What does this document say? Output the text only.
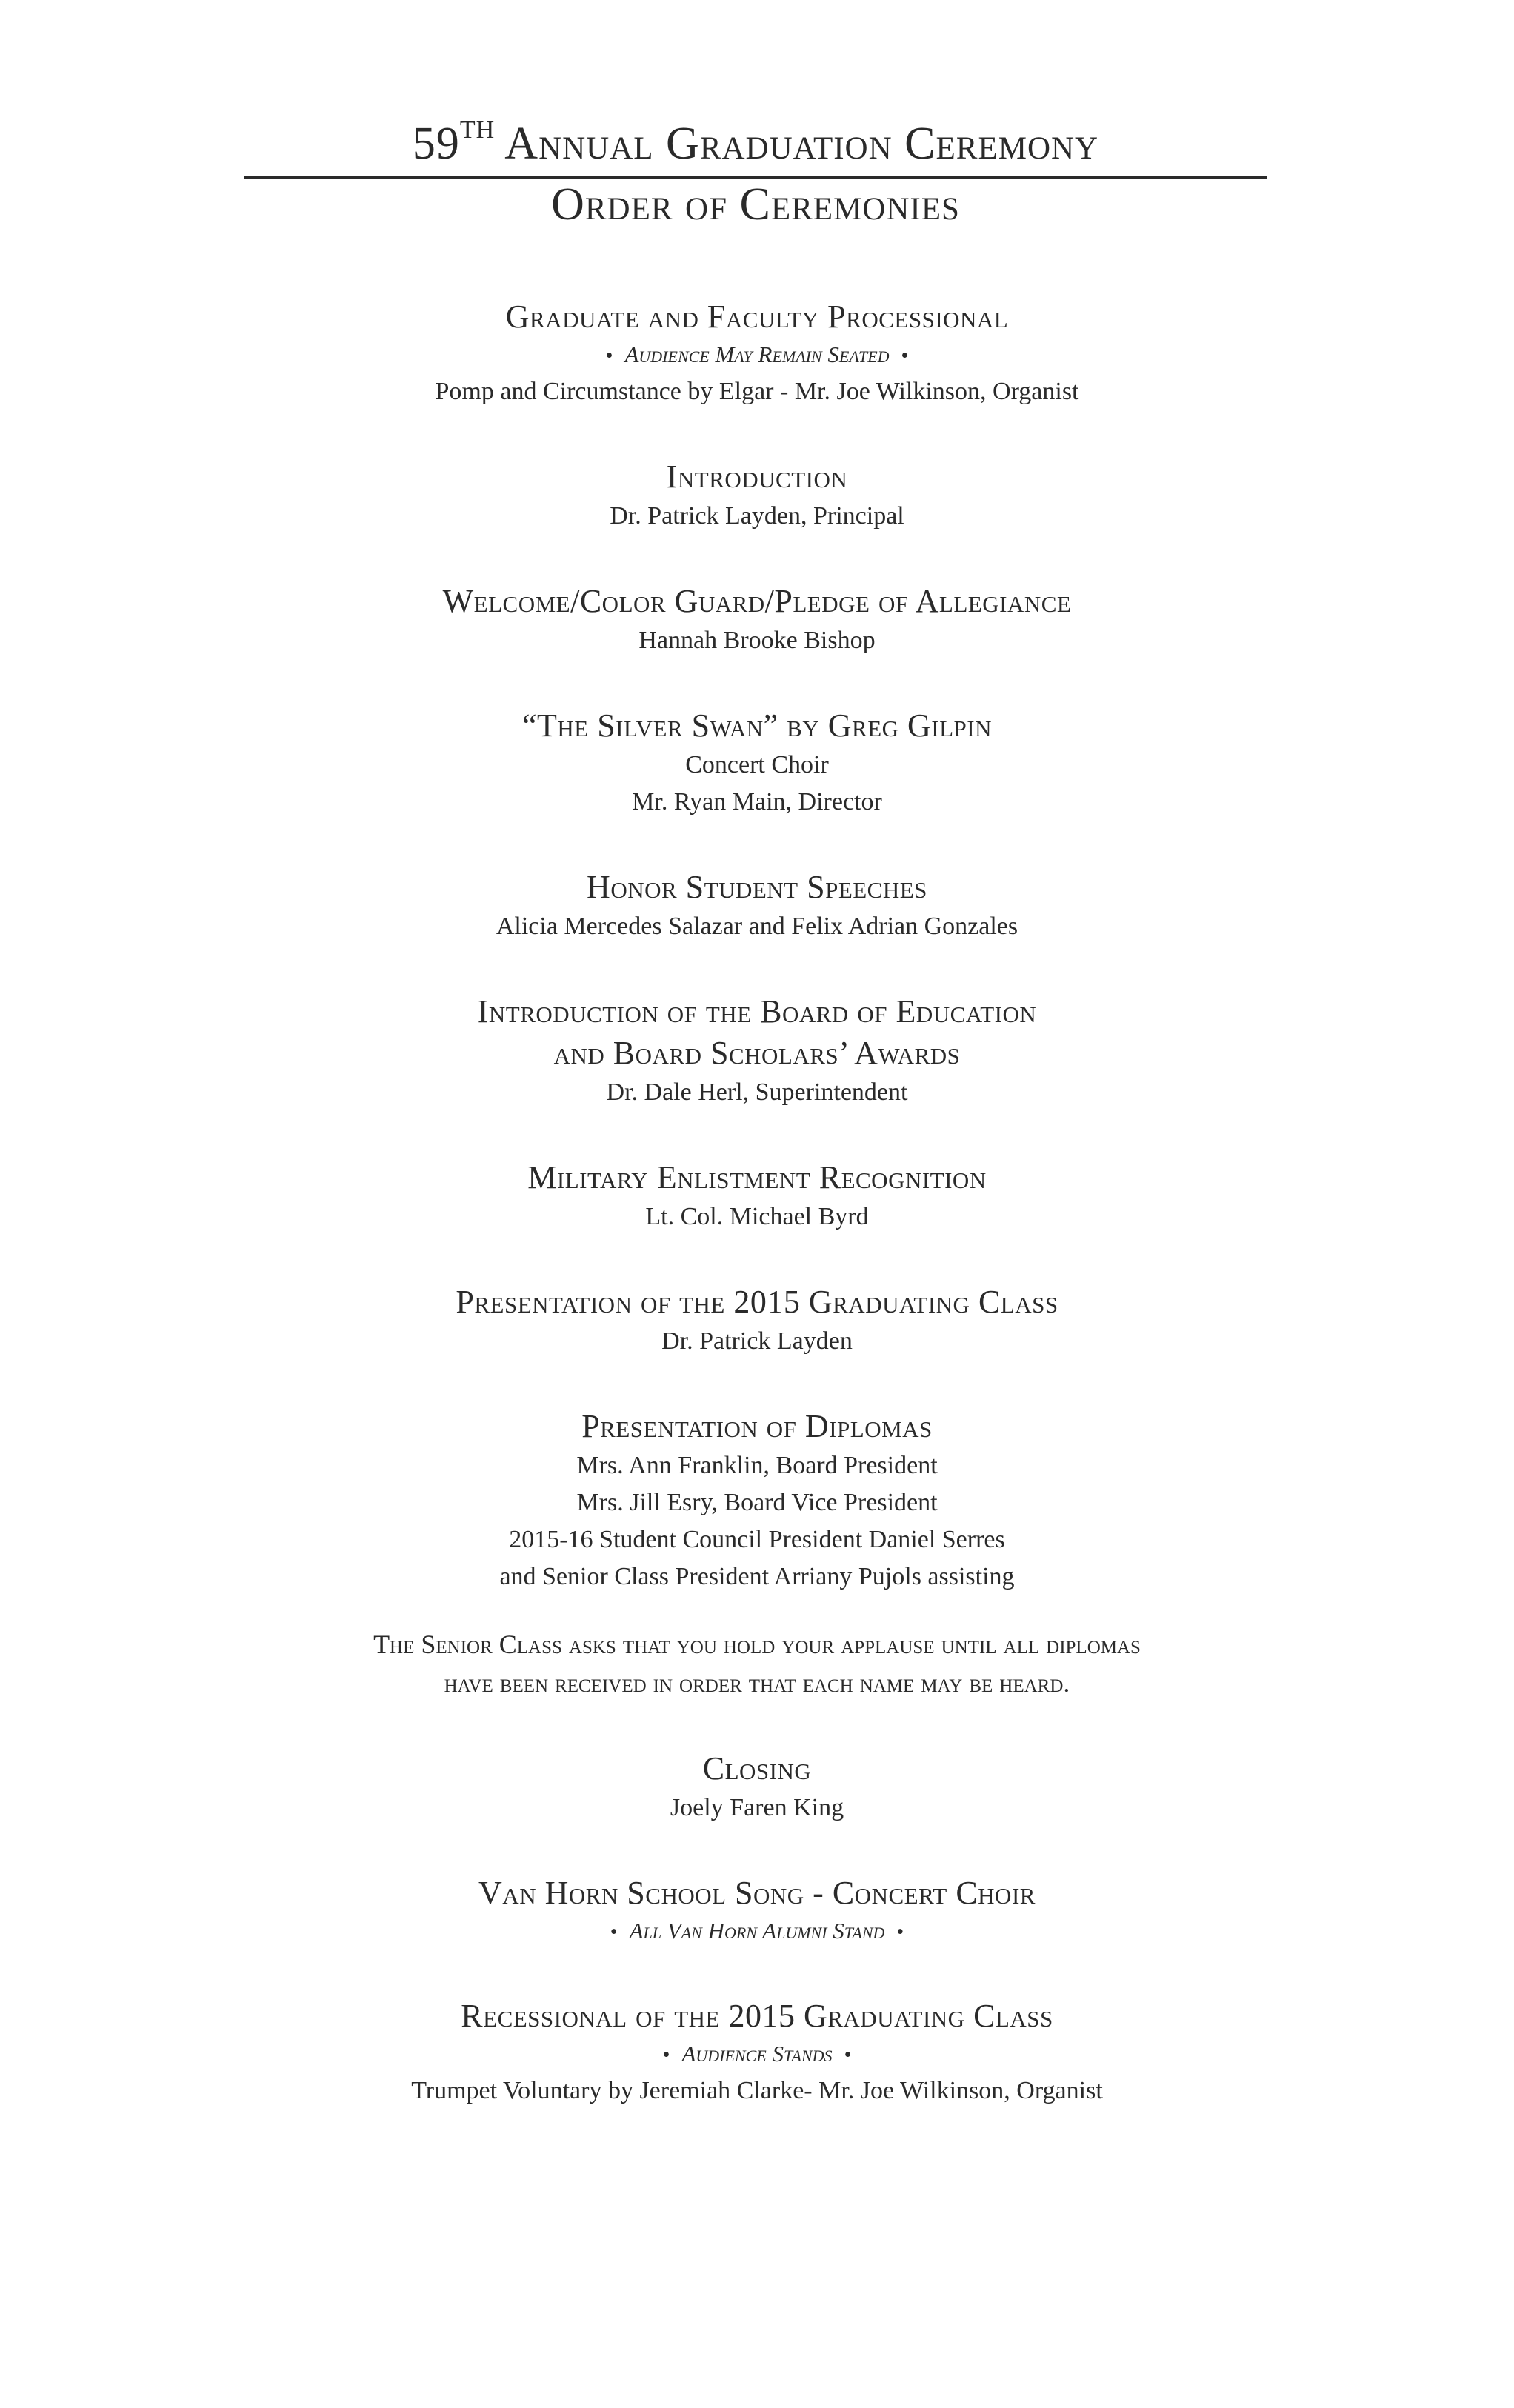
59TH Annual Graduation Ceremony
Order of Ceremonies
Graduate and Faculty Processional
• Audience May Remain Seated •
Pomp and Circumstance by Elgar - Mr. Joe Wilkinson, Organist
Introduction
Dr. Patrick Layden, Principal
Welcome/Color Guard/Pledge of Allegiance
Hannah Brooke Bishop
“The Silver Swan” by Greg Gilpin
Concert Choir
Mr. Ryan Main, Director
Honor Student Speeches
Alicia Mercedes Salazar and Felix Adrian Gonzales
Introduction of the Board of Education
and Board Scholars’ Awards
Dr. Dale Herl, Superintendent
Military Enlistment Recognition
Lt. Col. Michael Byrd
Presentation of the 2015 Graduating Class
Dr. Patrick Layden
Presentation of Diplomas
Mrs. Ann Franklin, Board President
Mrs. Jill Esry, Board Vice President
2015-16 Student Council President Daniel Serres
and Senior Class President Arriany Pujols assisting
The Senior Class asks that you hold your applause until all diplomas
have been received in order that each name may be heard.
Closing
Joely Faren King
Van Horn School Song - Concert Choir
• All Van Horn Alumni Stand •
Recessional of the 2015 Graduating Class
• Audience Stands •
Trumpet Voluntary by Jeremiah Clarke- Mr. Joe Wilkinson, Organist
